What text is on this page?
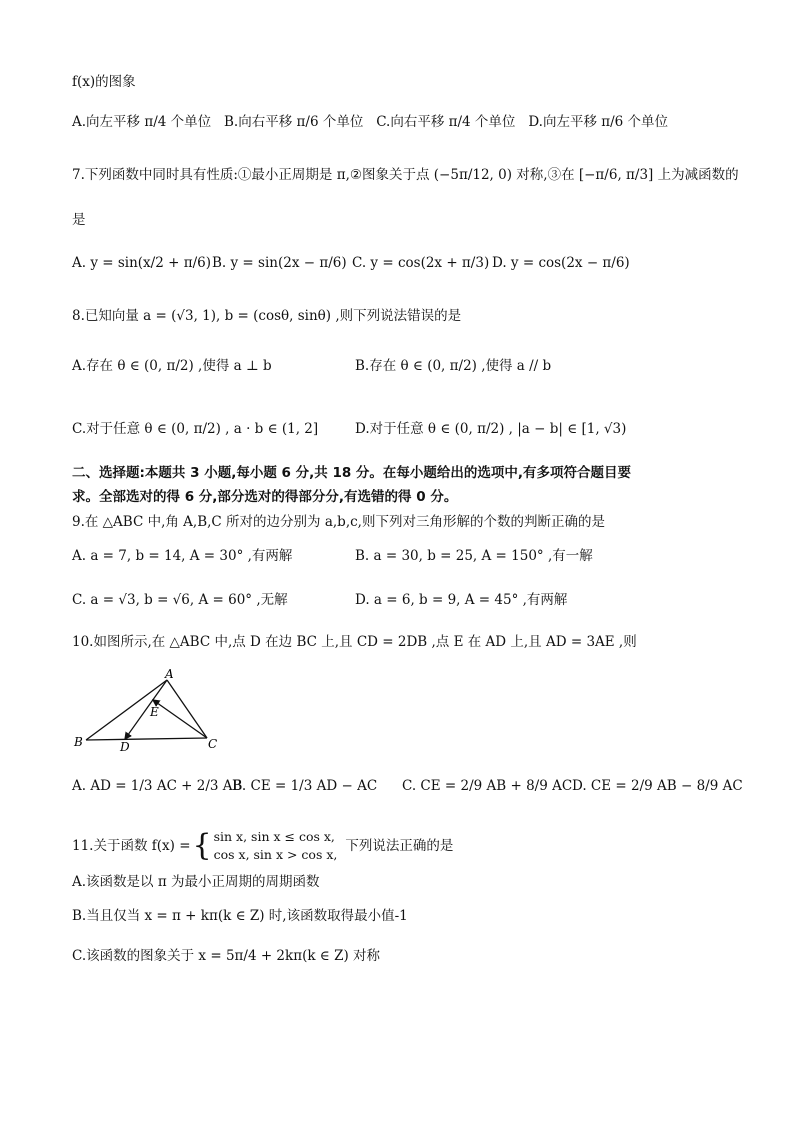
f(x)的图象
A.向左平移 π/4 个单位 B.向右平移 π/6 个单位 C.向右平移 π/4 个单位 D.向左平移 π/6 个单位
7.下列函数中同时具有性质:①最小正周期是 π,②图象关于点 (−5π/12, 0) 对称,③在 [−π/6, π/3] 上为减函数的
是
A. y = sin(x/2 + π/6) B. y = sin(2x − π/6) C. y = cos(2x + π/3) D. y = cos(2x − π/6)
8.已知向量 a = (√3, 1), b = (cosθ, sinθ) ,则下列说法错误的是
A.存在 θ ∈ (0, π/2) ,使得 a ⊥ b	B.存在 θ ∈ (0, π/2) ,使得 a // b
C.对于任意 θ ∈ (0, π/2) , a · b ∈ (1, 2]	D.对于任意 θ ∈ (0, π/2) , |a − b| ∈ [1, √3)
二、选择题:本题共 3 小题,每小题 6 分,共 18 分。在每小题给出的选项中,有多项符合题目要
求。全部选对的得 6 分,部分选对的得部分分,有选错的得 0 分。
9.在 △ABC 中,角 A,B,C 所对的边分别为 a,b,c,则下列对三角形解的个数的判断正确的是
A. a = 7, b = 14, A = 30° ,有两解	B. a = 30, b = 25, A = 150° ,有一解
C. a = √3, b = √6, A = 60° ,无解	D. a = 6, b = 9, A = 45° ,有两解
10.如图所示,在 △ABC 中,点 D 在边 BC 上,且 CD = 2DB ,点 E 在 AD 上,且 AD = 3AE ,则
A
E
B	D	C
A. AD = 1/3 AC + 2/3 AB
B. CE = 1/3 AD − AC C. CE = 2/9 AB + 8/9 AC D. CE = 2/9 AB − 8/9 AC
11.关于函数 f(x) = { sin x, sin x ≤ cos x,
cos x, sin x > cos x,
下列说法正确的是
A.该函数是以 π 为最小正周期的周期函数
B.当且仅当 x = π + kπ(k ∈ Z) 时,该函数取得最小值-1
C.该函数的图象关于 x = 5π/4 + 2kπ(k ∈ Z) 对称
